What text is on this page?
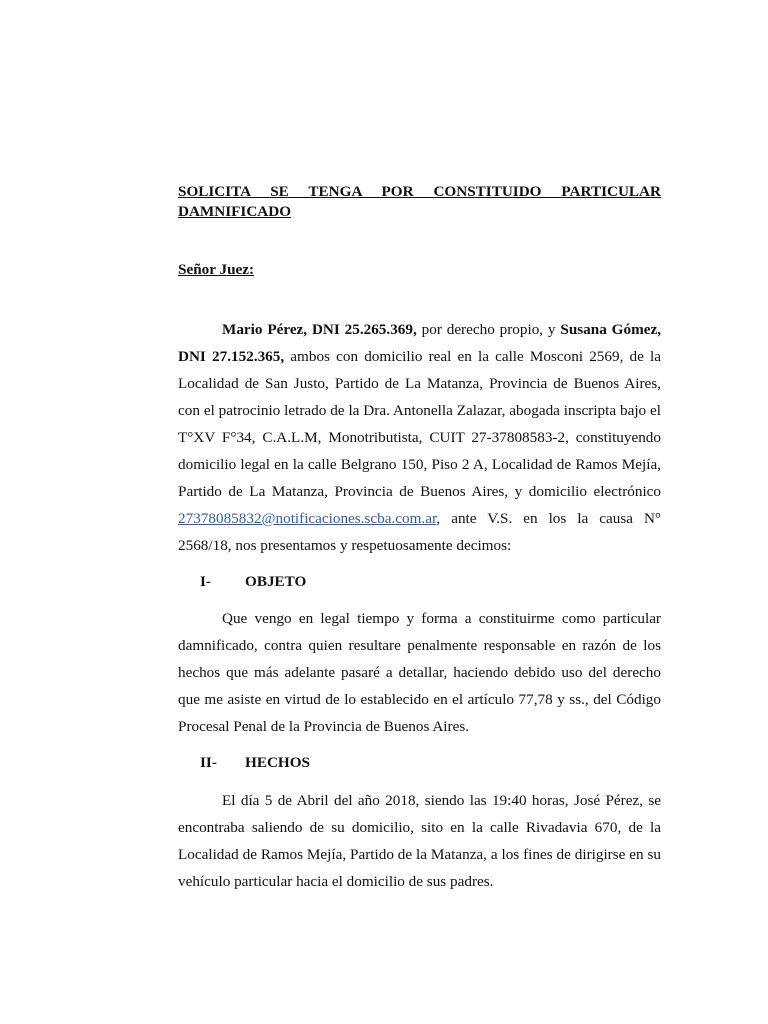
SOLICITA SE TENGA POR CONSTITUIDO PARTICULAR DAMNIFICADO

Señor Juez:

Mario Pérez, DNI 25.265.369, por derecho propio, y Susana Gómez, DNI 27.152.365, ambos con domicilio real en la calle Mosconi 2569, de la Localidad de San Justo, Partido de La Matanza, Provincia de Buenos Aires, con el patrocinio letrado de la Dra. Antonella Zalazar, abogada inscripta bajo el T°XV F°34, C.A.L.M, Monotributista, CUIT 27-37808583-2, constituyendo domicilio legal en la calle Belgrano 150, Piso 2 A, Localidad de Ramos Mejía, Partido de La Matanza, Provincia de Buenos Aires, y domicilio electrónico 27378085832@notificaciones.scba.com.ar, ante V.S. en los la causa N° 2568/18, nos presentamos y respetuosamente decimos:

I- OBJETO

Que vengo en legal tiempo y forma a constituirme como particular damnificado, contra quien resultare penalmente responsable en razón de los hechos que más adelante pasaré a detallar, haciendo debido uso del derecho que me asiste en virtud de lo establecido en el artículo 77,78 y ss., del Código Procesal Penal de la Provincia de Buenos Aires.

II- HECHOS

El día 5 de Abril del año 2018, siendo las 19:40 horas, José Pérez, se encontraba saliendo de su domicilio, sito en la calle Rivadavia 670, de la Localidad de Ramos Mejía, Partido de la Matanza, a los fines de dirigirse en su vehículo particular hacia el domicilio de sus padres.
